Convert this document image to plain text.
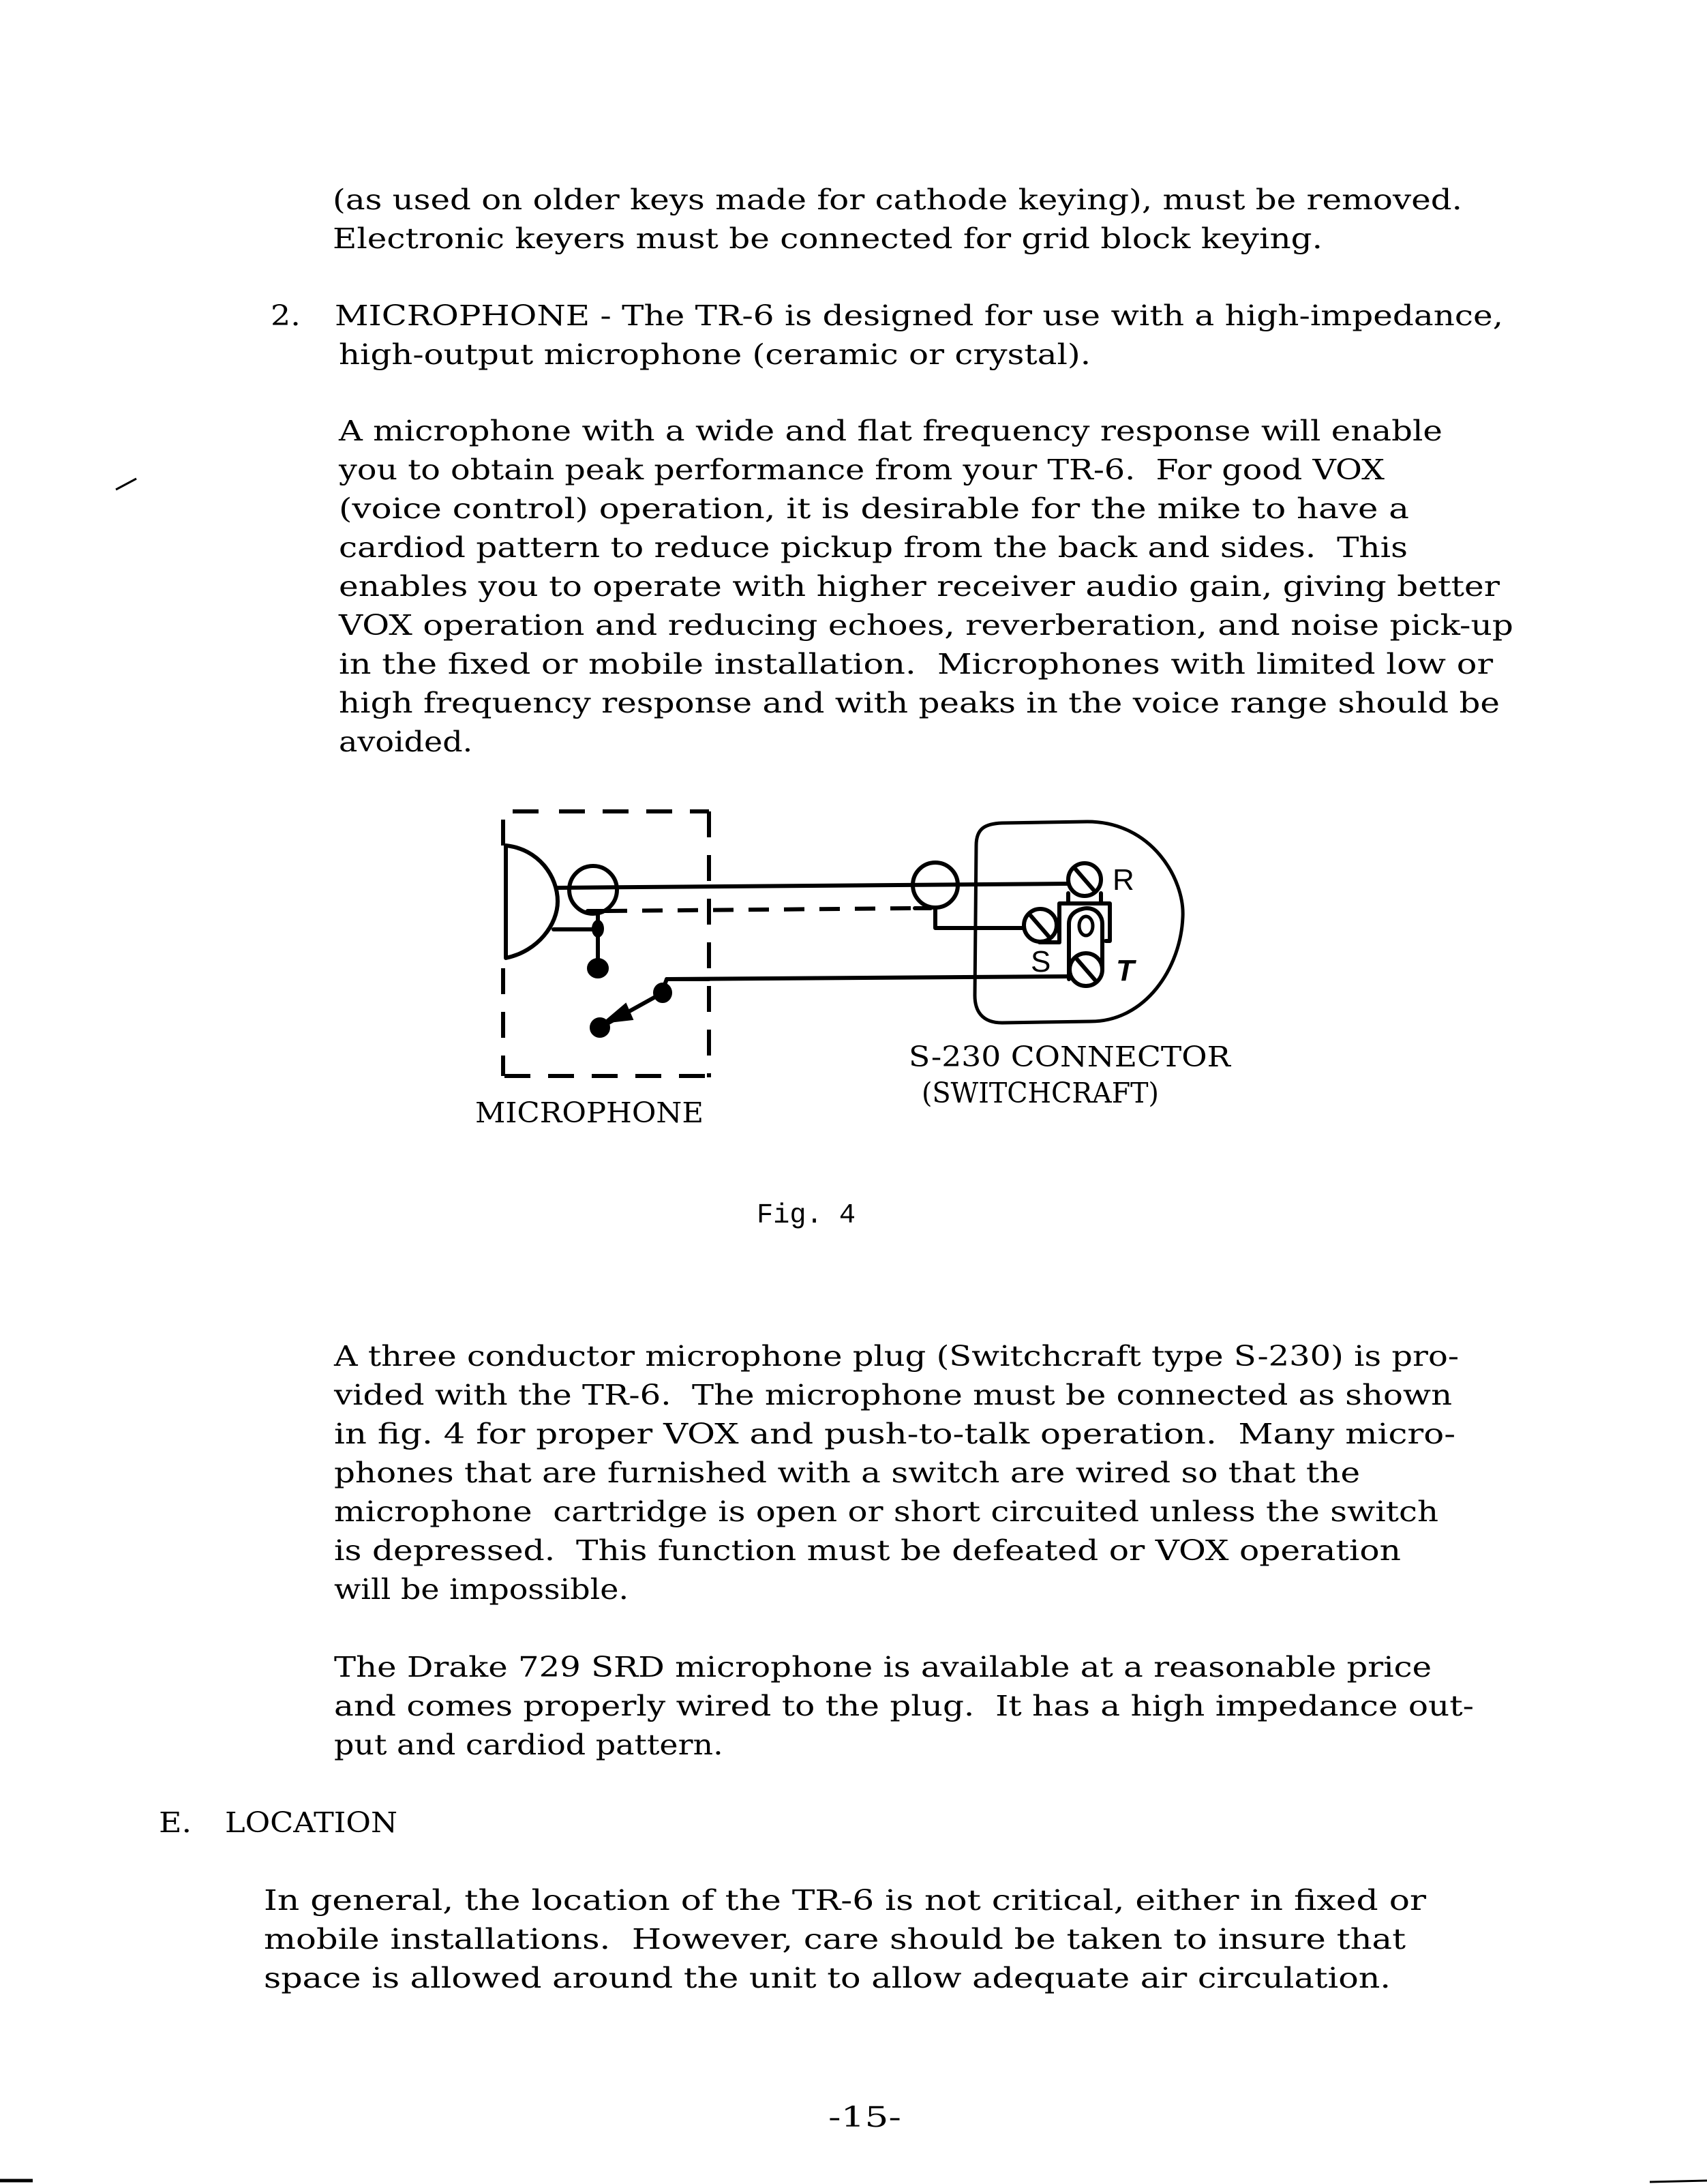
(as used on older keys made for cathode keying), must be removed.
Electronic keyers must be connected for grid block keying.
2. MICROPHONE - The TR-6 is designed for use with a high-impedance,
high-output microphone (ceramic or crystal).
A microphone with a wide and flat frequency response will enable
you to obtain peak performance from your TR-6.  For good VOX
(voice control) operation, it is desirable for the mike to have a
cardiod pattern to reduce pickup from the back and sides.  This
enables you to operate with higher receiver audio gain, giving better
VOX operation and reducing echoes, reverberation, and noise pick-up
in the fixed or mobile installation.  Microphones with limited low or
high frequency response and with peaks in the voice range should be
avoided.
R
S T
MICROPHONE
S-230 CONNECTOR
(SWITCHCRAFT)
Fig. 4
A three conductor microphone plug (Switchcraft type S-230) is pro-
vided with the TR-6.  The microphone must be connected as shown
in fig. 4 for proper VOX and push-to-talk operation.  Many micro-
phones that are furnished with a switch are wired so that the
microphone  cartridge is open or short circuited unless the switch
is depressed.  This function must be defeated or VOX operation
will be impossible.
The Drake 729 SRD microphone is available at a reasonable price
and comes properly wired to the plug.  It has a high impedance out-
put and cardiod pattern.
E. LOCATION
In general, the location of the TR-6 is not critical, either in fixed or
mobile installations.  However, care should be taken to insure that
space is allowed around the unit to allow adequate air circulation.
-15-
